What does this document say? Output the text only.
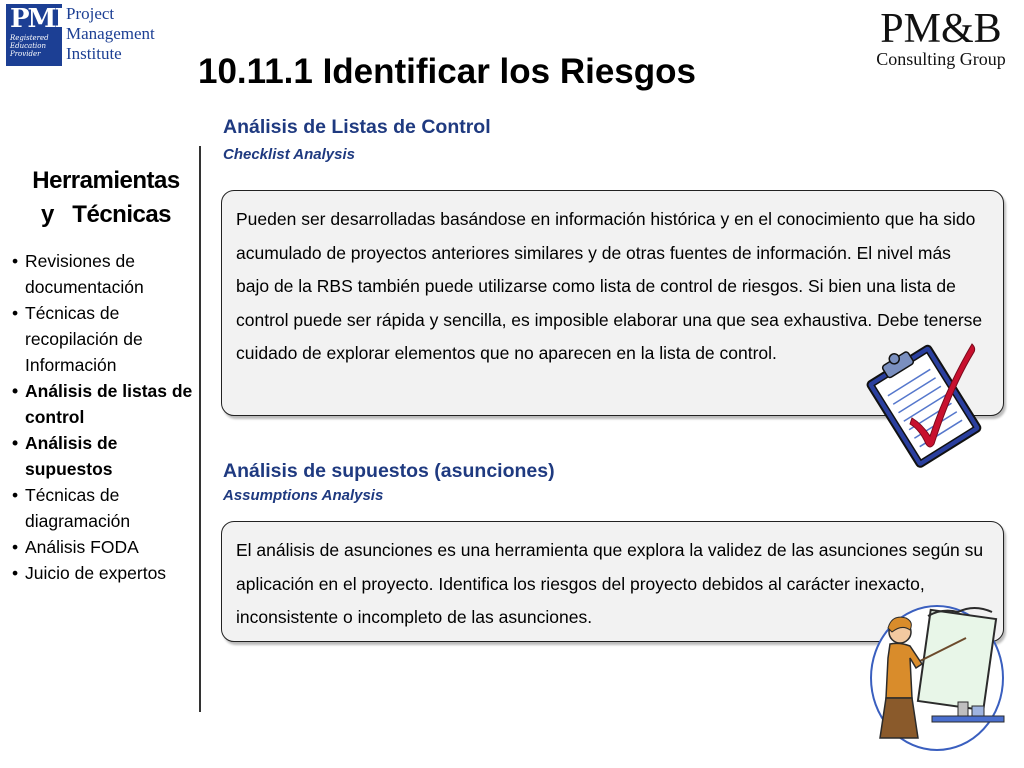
PMI
Registered
Education
Provider
Project
Management
Institute
PM&B
Consulting Group
10.11.1 Identificar los Riesgos
Herramientas
y   Técnicas
• Revisiones de documentación
• Técnicas de recopilación de Información
• Análisis de listas de control
• Análisis de supuestos
• Técnicas de diagramación
• Análisis FODA
• Juicio de expertos
Análisis de Listas de Control
Checklist Analysis

Pueden ser desarrolladas basándose en información histórica y en el conocimiento que ha sido acumulado de proyectos anteriores similares y de otras fuentes de información. El nivel más bajo de la RBS también puede utilizarse como lista de control de riesgos. Si bien una lista de control puede ser rápida y sencilla, es imposible elaborar una que sea exhaustiva. Debe tenerse cuidado de explorar elementos que no aparecen en la lista de control.

Análisis de supuestos (asunciones)
Assumptions Analysis

El análisis de asunciones es una herramienta que explora la validez de las asunciones según su aplicación en el proyecto. Identifica los riesgos del proyecto debidos al carácter inexacto, inconsistente o incompleto de las asunciones.
